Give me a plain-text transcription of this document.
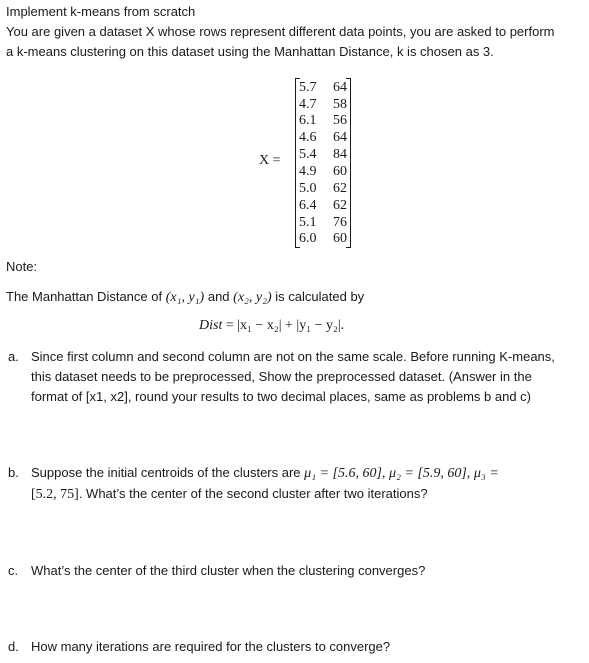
Implement k-means from scratch
You are given a dataset X whose rows represent different data points, you are asked to perform
a k-means clustering on this dataset using the Manhattan Distance, k is chosen as 3.
X =
5.7 64
4.7 58
6.1 56
4.6 64
5.4 84
4.9 60
5.0 62
6.4 62
5.1 76
6.0 60
Note:
The Manhattan Distance of (x₁, y₁) and (x₂, y₂) is calculated by
Dist = |x₁ − x₂| + |y₁ − y₂|.
a. Since first column and second column are not on the same scale. Before running K-means,
this dataset needs to be preprocessed, Show the preprocessed dataset. (Answer in the
format of [x1, x2], round your results to two decimal places, same as problems b and c)
b. Suppose the initial centroids of the clusters are μ₁ = [5.6, 60], μ₂ = [5.9, 60], μ₃ =
[5.2, 75]. What’s the center of the second cluster after two iterations?
c. What’s the center of the third cluster when the clustering converges?
d. How many iterations are required for the clusters to converge?
